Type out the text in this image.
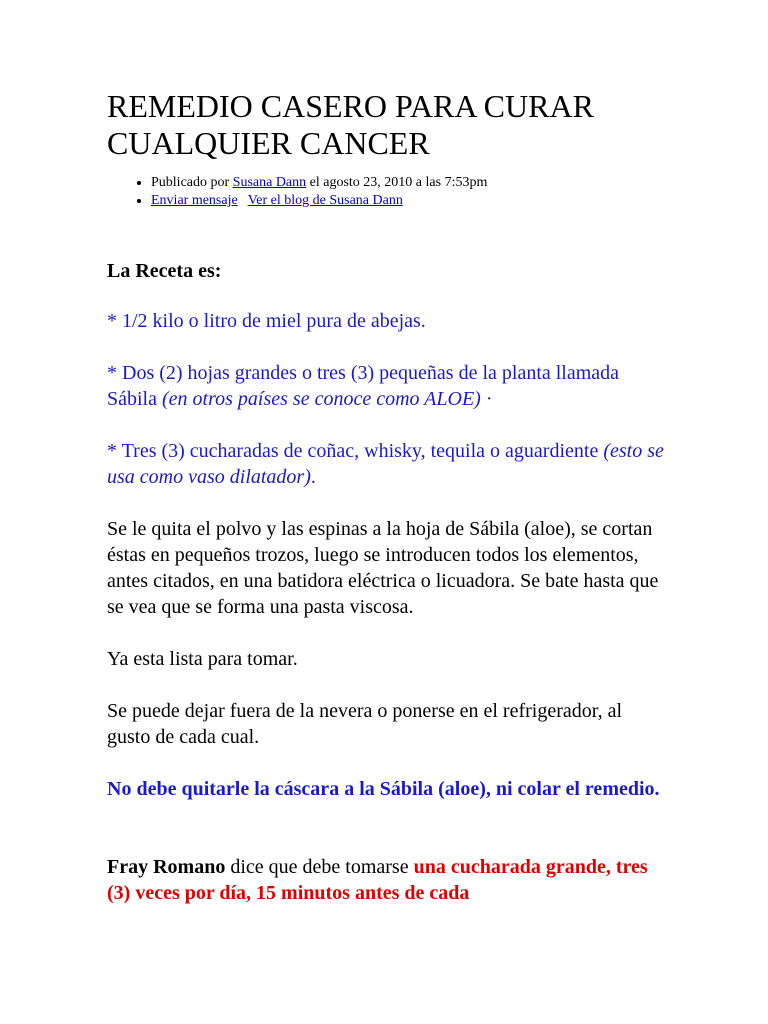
REMEDIO CASERO PARA CURAR CUALQUIER CANCER
• Publicado por Susana Dann el agosto 23, 2010 a las 7:53pm
• Enviar mensaje Ver el blog de Susana Dann

La Receta es:

* 1/2 kilo o litro de miel pura de abejas.

* Dos (2) hojas grandes o tres (3) pequeñas de la planta llamada Sábila (en otros países se conoce como ALOE) ·

* Tres (3) cucharadas de coñac, whisky, tequila o aguardiente (esto se usa como vaso dilatador).

Se le quita el polvo y las espinas a la hoja de Sábila (aloe), se cortan éstas en pequeños trozos, luego se introducen todos los elementos, antes citados, en una batidora eléctrica o licuadora. Se bate hasta que se vea que se forma una pasta viscosa.

Ya esta lista para tomar.

Se puede dejar fuera de la nevera o ponerse en el refrigerador, al gusto de cada cual.

No debe quitarle la cáscara a la Sábila (aloe), ni colar el remedio.

Fray Romano dice que debe tomarse una cucharada grande, tres (3) veces por día, 15 minutos antes de cada
